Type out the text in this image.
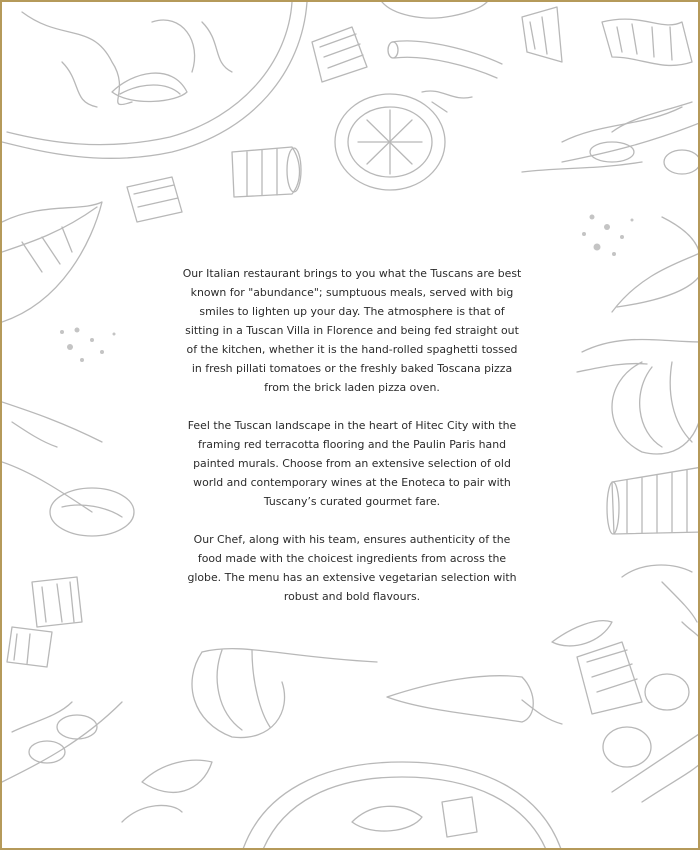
Our Italian restaurant brings to you what the Tuscans are best known for "abundance"; sumptuous meals, served with big smiles to lighten up your day. The atmosphere is that of sitting in a Tuscan Villa in Florence and being fed straight out of the kitchen, whether it is the hand-rolled spaghetti tossed in fresh pillati tomatoes or the freshly baked Toscana pizza from the brick laden pizza oven.

Feel the Tuscan landscape in the heart of Hitec City with the framing red terracotta flooring and the Paulin Paris hand painted murals. Choose from an extensive selection of old world and contemporary wines at the Enoteca to pair with Tuscany’s curated gourmet fare.

Our Chef, along with his team, ensures authenticity of the food made with the choicest ingredients from across the globe. The menu has an extensive vegetarian selection with robust and bold flavours.
